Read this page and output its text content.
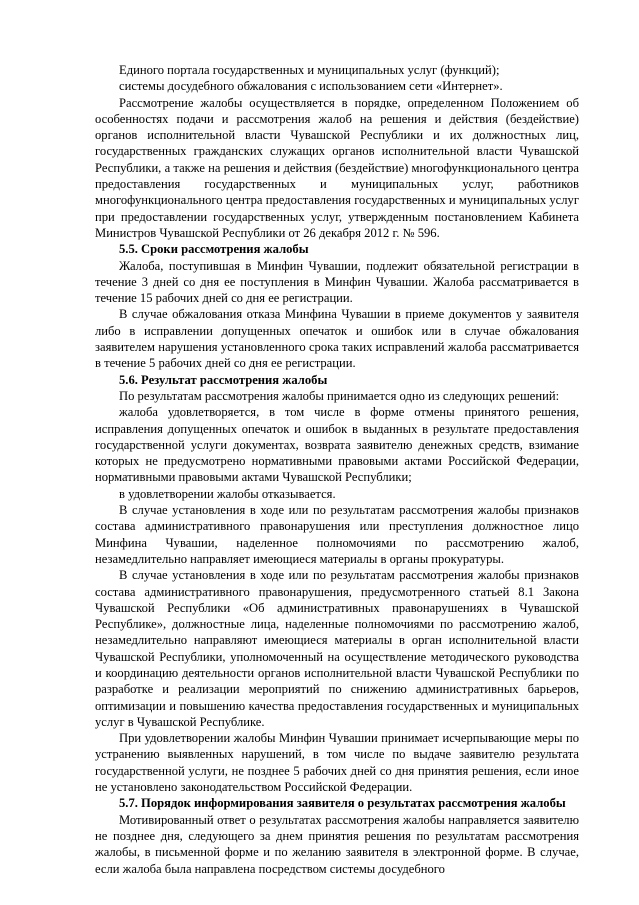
Единого портала государственных и муниципальных услуг (функций);

системы досудебного обжалования с использованием сети «Интернет».

Рассмотрение жалобы осуществляется в порядке, определенном Положением об особенностях подачи и рассмотрения жалоб на решения и действия (бездействие) органов исполнительной власти Чувашской Республики и их должностных лиц, государственных гражданских служащих органов исполнительной власти Чувашской Республики, а также на решения и действия (бездействие) многофункционального центра предоставления государственных и муниципальных услуг, работников многофункционального центра предоставления государственных и муниципальных услуг при предоставлении государственных услуг, утвержденным постановлением Кабинета Министров Чувашской Республики от 26 декабря 2012 г. № 596.

5.5. Сроки рассмотрения жалобы

Жалоба, поступившая в Минфин Чувашии, подлежит обязательной регистрации в течение 3 дней со дня ее поступления в Минфин Чувашии. Жалоба рассматривается в течение 15 рабочих дней со дня ее регистрации.

В случае обжалования отказа Минфина Чувашии в приеме документов у заявителя либо в исправлении допущенных опечаток и ошибок или в случае обжалования заявителем нарушения установленного срока таких исправлений жалоба рассматривается в течение 5 рабочих дней со дня ее регистрации.

5.6. Результат рассмотрения жалобы

По результатам рассмотрения жалобы принимается одно из следующих решений:

жалоба удовлетворяется, в том числе в форме отмены принятого решения, исправления допущенных опечаток и ошибок в выданных в результате предоставления государственной услуги документах, возврата заявителю денежных средств, взимание которых не предусмотрено нормативными правовыми актами Российской Федерации, нормативными правовыми актами Чувашской Республики;

в удовлетворении жалобы отказывается.

В случае установления в ходе или по результатам рассмотрения жалобы признаков состава административного правонарушения или преступления должностное лицо Минфина Чувашии, наделенное полномочиями по рассмотрению жалоб, незамедлительно направляет имеющиеся материалы в органы прокуратуры.

В случае установления в ходе или по результатам рассмотрения жалобы признаков состава административного правонарушения, предусмотренного статьей 8.1 Закона Чувашской Республики «Об административных правонарушениях в Чувашской Республике», должностные лица, наделенные полномочиями по рассмотрению жалоб, незамедлительно направляют имеющиеся материалы в орган исполнительной власти Чувашской Республики, уполномоченный на осуществление методического руководства и координацию деятельности органов исполнительной власти Чувашской Республики по разработке и реализации мероприятий по снижению административных барьеров, оптимизации и повышению качества предоставления государственных и муниципальных услуг в Чувашской Республике.

При удовлетворении жалобы Минфин Чувашии принимает исчерпывающие меры по устранению выявленных нарушений, в том числе по выдаче заявителю результата государственной услуги, не позднее 5 рабочих дней со дня принятия решения, если иное не установлено законодательством Российской Федерации.

5.7. Порядок информирования заявителя о результатах рассмотрения жалобы

Мотивированный ответ о результатах рассмотрения жалобы направляется заявителю не позднее дня, следующего за днем принятия решения по результатам рассмотрения жалобы, в письменной форме и по желанию заявителя в электронной форме. В случае, если жалоба была направлена посредством системы досудебного
